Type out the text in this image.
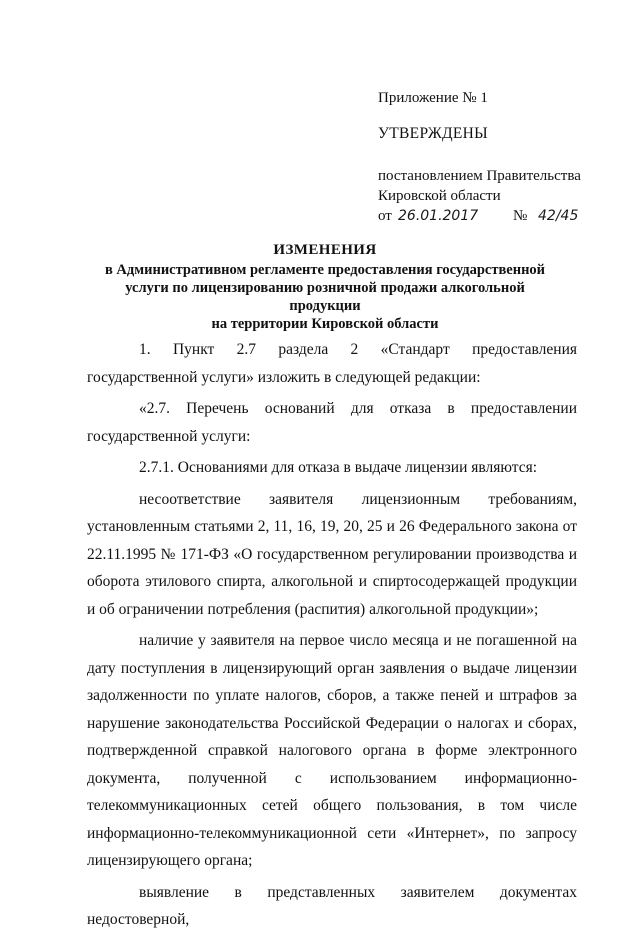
Приложение № 1
УТВЕРЖДЕНЫ
постановлением Правительства
Кировской области
от 26.01.2017 № 42/45
ИЗМЕНЕНИЯ
в Административном регламенте предоставления государственной
услуги по лицензированию розничной продажи алкогольной продукции
на территории Кировской области

1. Пункт 2.7 раздела 2 «Стандарт предоставления государственной услуги» изложить в следующей редакции:

«2.7. Перечень оснований для отказа в предоставлении государственной услуги:

2.7.1. Основаниями для отказа в выдаче лицензии являются:

несоответствие заявителя лицензионным требованиям, установленным статьями 2, 11, 16, 19, 20, 25 и 26 Федерального закона от 22.11.1995 № 171-ФЗ «О государственном регулировании производства и оборота этилового спирта, алкогольной и спиртосодержащей продукции и об ограничении потребления (распития) алкогольной продукции»;

наличие у заявителя на первое число месяца и не погашенной на дату поступления в лицензирующий орган заявления о выдаче лицензии задолженности по уплате налогов, сборов, а также пеней и штрафов за нарушение законодательства Российской Федерации о налогах и сборах, подтвержденной справкой налогового органа в форме электронного документа, полученной с использованием информационно-телекоммуникационных сетей общего пользования, в том числе информационно-телекоммуникационной сети «Интернет», по запросу лицензирующего органа;

выявление в представленных заявителем документах недостоверной,
